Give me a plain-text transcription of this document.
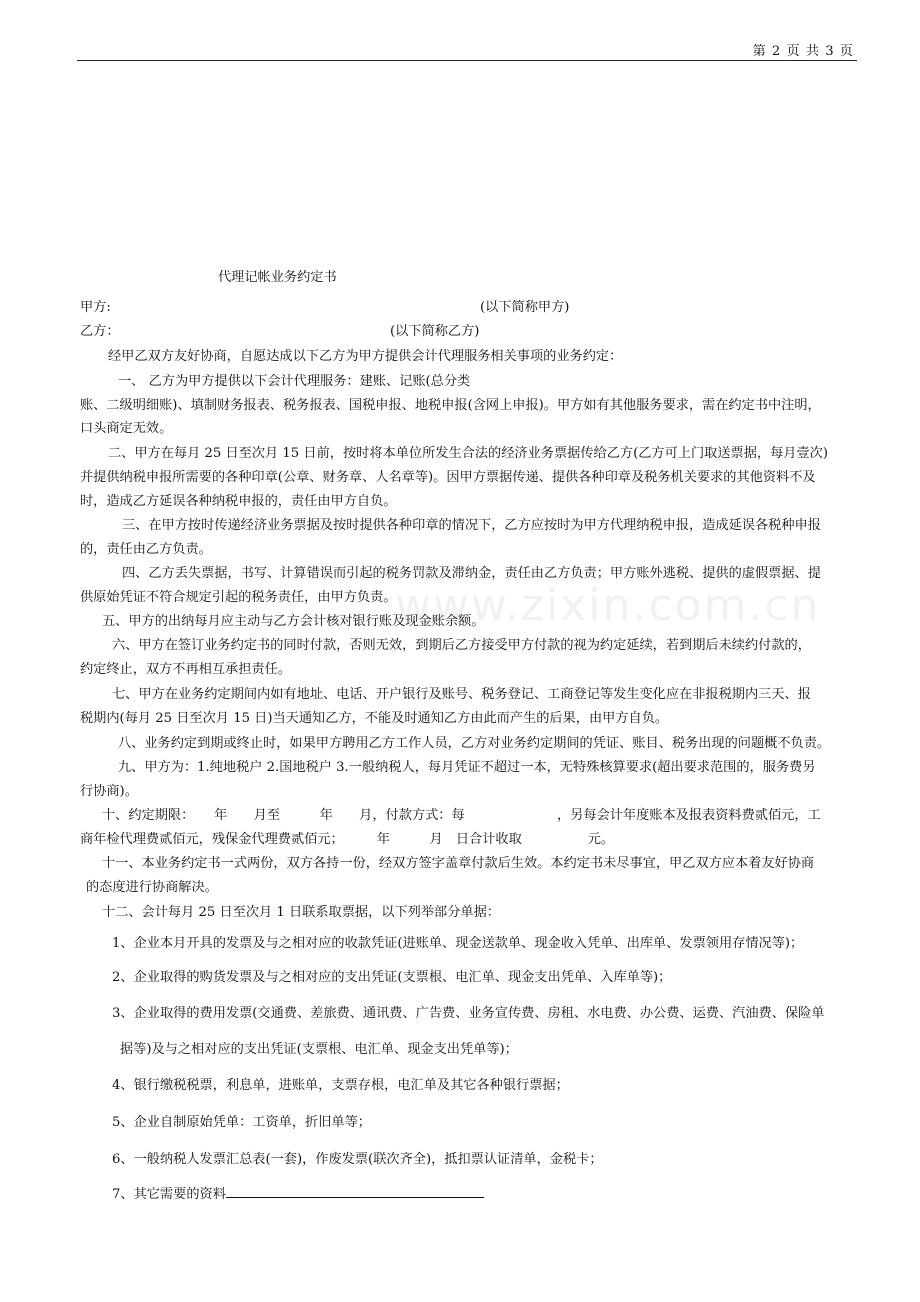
第 2 页 共 3 页
www.zixin.com.cn
代理记帐业务约定书
甲方:	(以下简称甲方)
乙方：	(以下简称乙方)
经甲乙双方友好协商，自愿达成以下乙方为甲方提供会计代理服务相关事项的业务约定：
一、 乙方为甲方提供以下会计代理服务：建账、记账(总分类
账、二级明细账)、填制财务报表、税务报表、国税申报、地税申报(含网上申报)。甲方如有其他服务要求，需在约定书中注明，
口头商定无效。
二、甲方在每月 25 日至次月 15 日前，按时将本单位所发生合法的经济业务票据传给乙方(乙方可上门取送票据，每月壹次)
并提供纳税申报所需要的各种印章(公章、财务章、人名章等)。因甲方票据传递、提供各种印章及税务机关要求的其他资料不及
时，造成乙方延误各种纳税申报的，责任由甲方自负。
三、在甲方按时传递经济业务票据及按时提供各种印章的情况下，乙方应按时为甲方代理纳税申报，造成延误各税种申报
的，责任由乙方负责。
四、乙方丢失票据，书写、计算错误而引起的税务罚款及滞纳金，责任由乙方负责；甲方账外逃税、提供的虚假票据、提
供原始凭证不符合规定引起的税务责任，由甲方负责。
五、甲方的出纳每月应主动与乙方会计核对银行账及现金账余额。
六、甲方在签订业务约定书的同时付款，否则无效，到期后乙方接受甲方付款的视为约定延续，若到期后未续约付款的，
约定终止，双方不再相互承担责任。
七、甲方在业务约定期间内如有地址、电话、开户银行及账号、税务登记、工商登记等发生变化应在非报税期内三天、报
税期内(每月 25 日至次月 15 日)当天通知乙方，不能及时通知乙方由此而产生的后果，由甲方自负。
八、业务约定到期或终止时，如果甲方聘用乙方工作人员，乙方对业务约定期间的凭证、账目、税务出现的问题概不负责。
九、甲方为：1.纯地税户 2.国地税户 3.一般纳税人，每月凭证不超过一本，无特殊核算要求(超出要求范围的，服务费另
行协商)。
十、约定期限：　　年　　月至　　　年　　月，付款方式：每　　　　　　　，另每会计年度账本及报表资料费贰佰元，工
商年检代理费贰佰元，残保金代理费贰佰元；　　　年　　　月　日合计收取　　　　　元。
十一、本业务约定书一式两份，双方各持一份，经双方签字盖章付款后生效。本约定书未尽事宜，甲乙双方应本着友好协商
的态度进行协商解决。
十二、会计每月 25 日至次月 1 日联系取票据，以下列举部分单据：
1、企业本月开具的发票及与之相对应的收款凭证(进账单、现金送款单、现金收入凭单、出库单、发票领用存情况等)；
2、企业取得的购货发票及与之相对应的支出凭证(支票根、电汇单、现金支出凭单、入库单等)；
3、企业取得的费用发票(交通费、差旅费、通讯费、广告费、业务宣传费、房租、水电费、办公费、运费、汽油费、保险单
据等)及与之相对应的支出凭证(支票根、电汇单、现金支出凭单等)；
4、银行缴税税票，利息单，进账单，支票存根，电汇单及其它各种银行票据；
5、企业自制原始凭单：工资单，折旧单等；
6、一般纳税人发票汇总表(一套)，作废发票(联次齐全)，抵扣票认证清单，金税卡；
7、其它需要的资料
